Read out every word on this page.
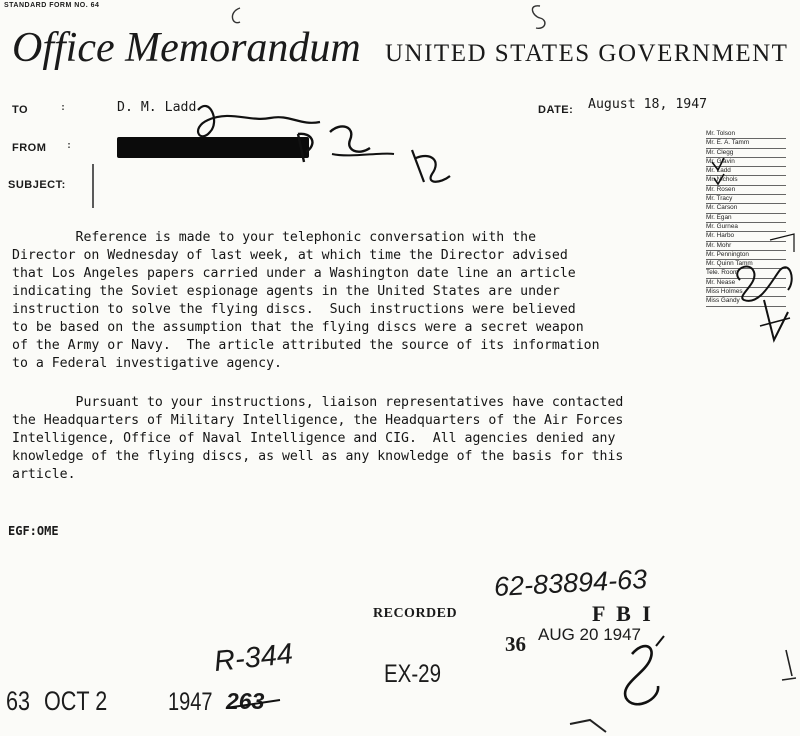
STANDARD FORM NO. 64
Office Memorandum UNITED STATES GOVERNMENT
TO	:	D. M. Ladd
FROM :
SUBJECT:
DATE: August 18, 1947
Mr. Tolson
Mr. E. A. Tamm
Mr. Clegg
Mr. Glavin
Mr. Ladd
Mr. Nichols
Mr. Rosen
Mr. Tracy
Mr. Carson
Mr. Egan
Mr. Gurnea
Mr. Harbo
Mr. Mohr
Mr. Pennington
Mr. Quinn Tamm
Tele. Room
Mr. Nease
Miss Holmes
Miss Gandy
Reference is made to your telephonic conversation with the
Director on Wednesday of last week, at which time the Director advised
that Los Angeles papers carried under a Washington date line an article
indicating the Soviet espionage agents in the United States are under
instruction to solve the flying discs.  Such instructions were believed
to be based on the assumption that the flying discs were a secret weapon
of the Army or Navy.  The article attributed the source of its information
to a Federal investigative agency.
Pursuant to your instructions, liaison representatives have contacted
the Headquarters of Military Intelligence, the Headquarters of the Air Forces
Intelligence, Office of Naval Intelligence and CIG.  All agencies denied any
knowledge of the flying discs, as well as any knowledge of the basis for this
article.
EGF:OME
RECORDED
62-83894-63
F B I
36 AUG 20 1947
EX-29
63 OCT 2 1947
R-344
263
